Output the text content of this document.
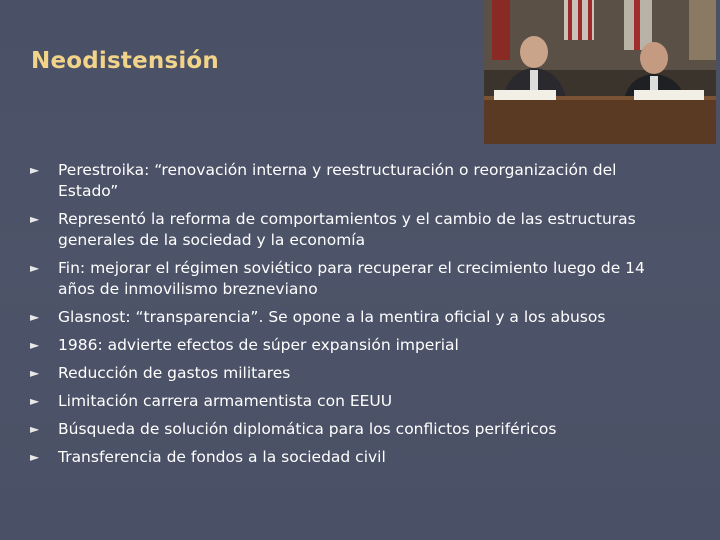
Neodistensión
► Perestroika: “renovación interna y reestructuración o reorganización del Estado”
► Representó la reforma de comportamientos y el cambio de las estructuras generales de la sociedad y la economía
► Fin: mejorar el régimen soviético para recuperar el crecimiento luego de 14 años de inmovilismo brezneviano
► Glasnost: “transparencia”. Se opone a la mentira oficial y a los abusos
► 1986: advierte efectos de súper expansión imperial
► Reducción de gastos militares
► Limitación carrera armamentista con EEUU
► Búsqueda de solución diplomática para los conflictos periféricos
► Transferencia de fondos a la sociedad civil
